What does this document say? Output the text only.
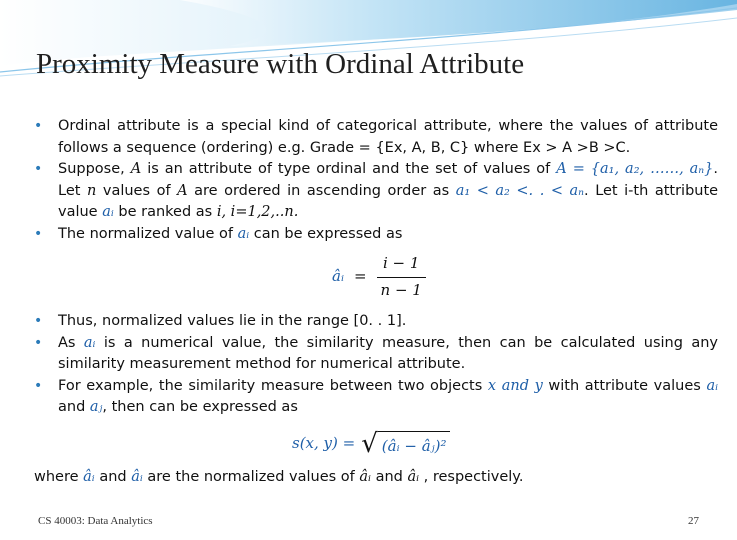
Proximity Measure with Ordinal Attribute

• Ordinal attribute is a special kind of categorical attribute, where the values of attribute follows a sequence (ordering) e.g. Grade = {Ex, A, B, C} where Ex > A >B >C.

• Suppose, A is an attribute of type ordinal and the set of values of A = {a₁, a₂, ……, aₙ}. Let n values of A are ordered in ascending order as a₁ < a₂ <. . < aₙ. Let i-th attribute value aᵢ be ranked as i, i=1,2,..n.

• The normalized value of aᵢ can be expressed as

âᵢ = $\frac{i - 1}{n - 1}$

• Thus, normalized values lie in the range [0. . 1].

• As aᵢ is a numerical value, the similarity measure, then can be calculated using any similarity measurement method for numerical attribute.

• For example, the similarity measure between two objects x and y with attribute values aᵢ and aⱼ, then can be expressed as

s(x, y) = √ (âᵢ − âⱼ)²

where âᵢ and âᵢ are the normalized values of âᵢ and âᵢ , respectively.

CS 40003: Data Analytics	27
